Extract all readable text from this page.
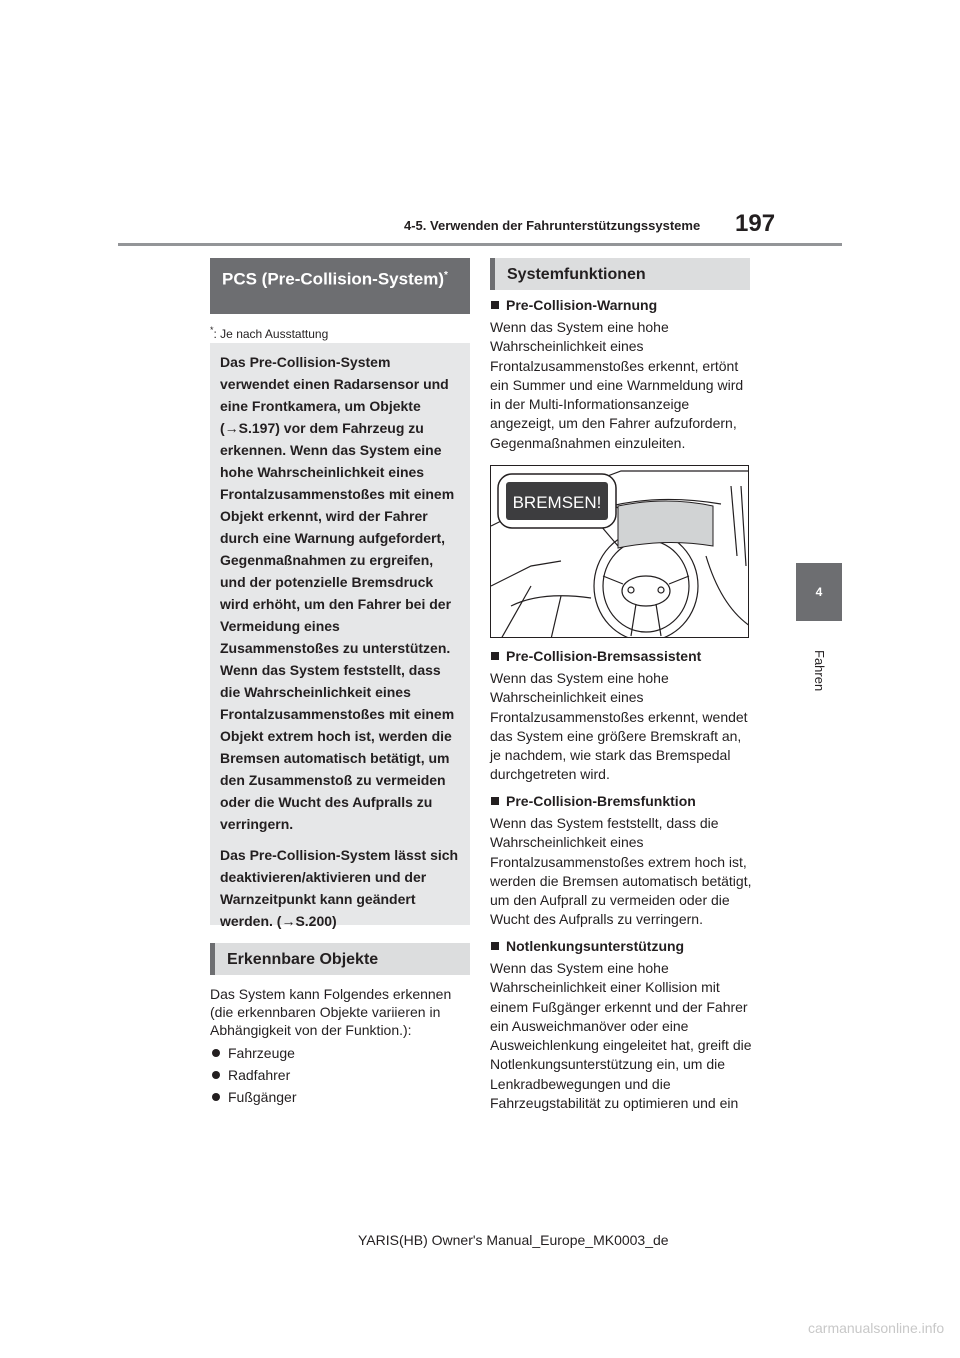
4-5. Verwenden der Fahrunterstützungssysteme 197
4
Fahren
PCS (Pre-Collision-System)*
*: Je nach Ausstattung

Das Pre-Collision-System verwendet einen Radarsensor und eine Frontkamera, um Objekte (→S.197) vor dem Fahrzeug zu erkennen. Wenn das System eine hohe Wahrscheinlichkeit eines Frontalzusammenstoßes mit einem Objekt erkennt, wird der Fahrer durch eine Warnung aufgefordert, Gegenmaßnahmen zu ergreifen, und der potenzielle Bremsdruck wird erhöht, um den Fahrer bei der Vermeidung eines Zusammenstoßes zu unterstützen. Wenn das System feststellt, dass die Wahrscheinlichkeit eines Frontalzusammenstoßes mit einem Objekt extrem hoch ist, werden die Bremsen automatisch betätigt, um den Zusammenstoß zu vermeiden oder die Wucht des Aufpralls zu verringern.

Das Pre-Collision-System lässt sich deaktivieren/aktivieren und der Warnzeitpunkt kann geändert werden. (→S.200)

Erkennbare Objekte
Das System kann Folgendes erkennen (die erkennbaren Objekte variieren in Abhängigkeit von der Funktion.):
Fahrzeuge
Radfahrer
Fußgänger
Systemfunktionen
Pre-Collision-Warnung
Wenn das System eine hohe Wahrscheinlichkeit eines Frontalzusammenstoßes erkennt, ertönt ein Summer und eine Warnmeldung wird in der Multi-Informationsanzeige angezeigt, um den Fahrer aufzufordern, Gegenmaßnahmen einzuleiten.
BREMSEN!
Pre-Collision-Bremsassistent
Wenn das System eine hohe Wahrscheinlichkeit eines Frontalzusammenstoßes erkennt, wendet das System eine größere Bremskraft an, je nachdem, wie stark das Bremspedal durchgetreten wird.
Pre-Collision-Bremsfunktion
Wenn das System feststellt, dass die Wahrscheinlichkeit eines Frontalzusammenstoßes extrem hoch ist, werden die Bremsen automatisch betätigt, um den Aufprall zu vermeiden oder die Wucht des Aufpralls zu verringern.
Notlenkungsunterstützung
Wenn das System eine hohe Wahrscheinlichkeit einer Kollision mit einem Fußgänger erkennt und der Fahrer ein Ausweichmanöver oder eine Ausweichlenkung eingeleitet hat, greift die Notlenkungsunterstützung ein, um die Lenkradbewegungen und die Fahrzeugstabilität zu optimieren und ein
YARIS(HB) Owner's Manual_Europe_MK0003_de
carmanualsonline.info
